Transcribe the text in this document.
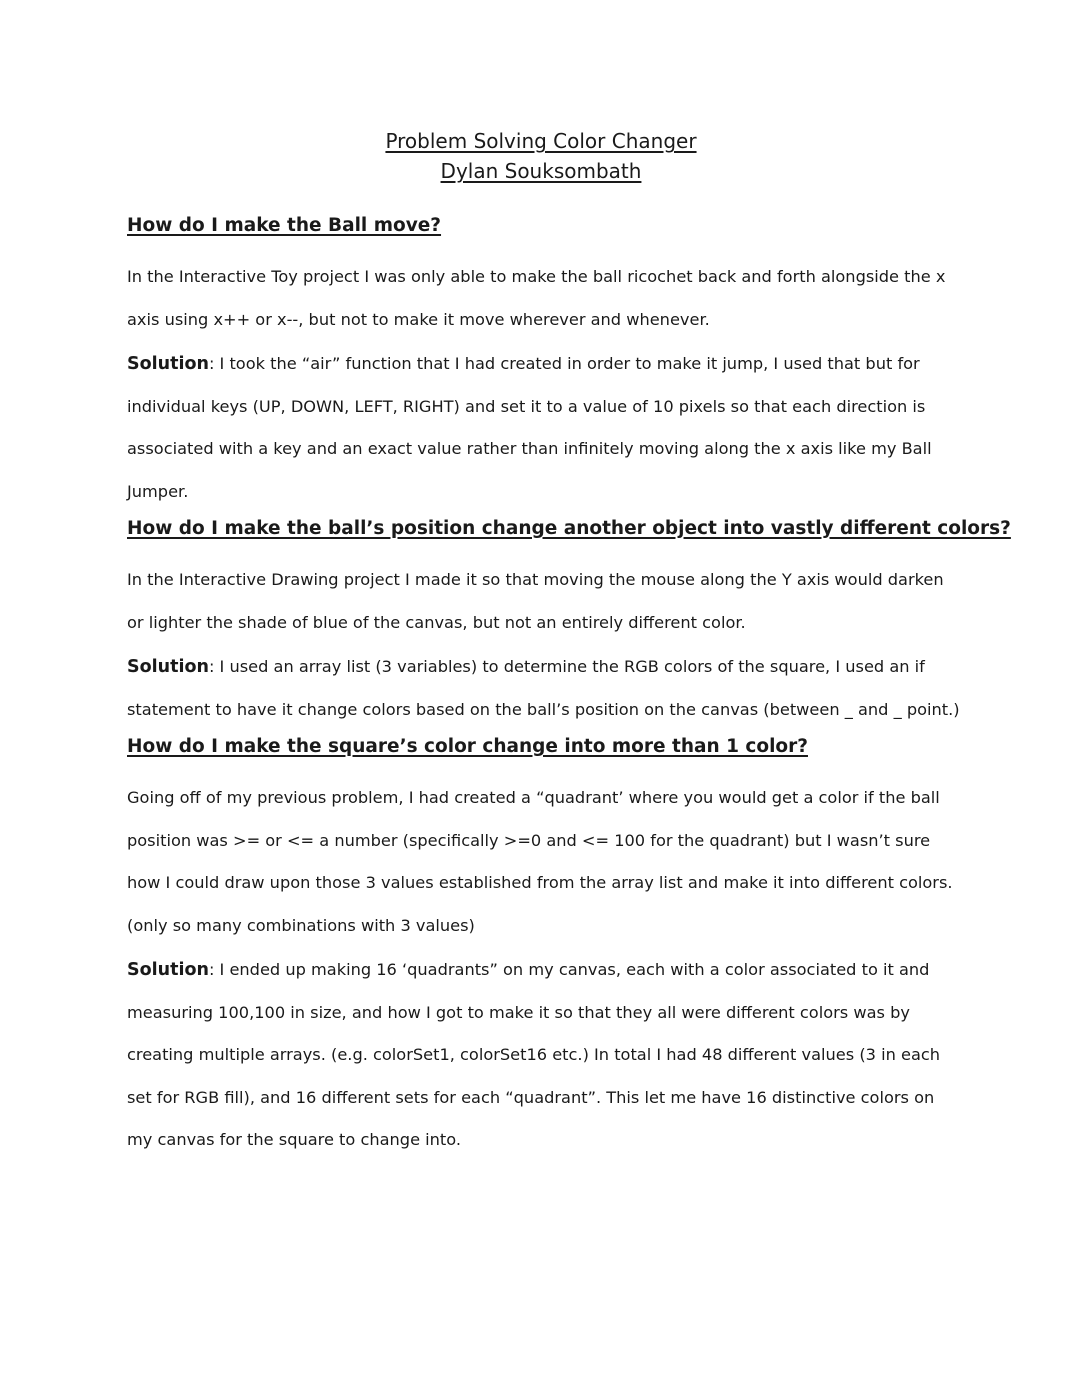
Problem Solving Color Changer
Dylan Souksombath
How do I make the Ball move?

In the Interactive Toy project I was only able to make the ball ricochet back and forth alongside the x axis using x++ or x--, but not to make it move wherever and whenever.

Solution: I took the “air” function that I had created in order to make it jump, I used that but for individual keys (UP, DOWN, LEFT, RIGHT) and set it to a value of 10 pixels so that each direction is associated with a key and an exact value rather than infinitely moving along the x axis like my Ball Jumper.

How do I make the ball’s position change another object into vastly different colors?

In the Interactive Drawing project I made it so that moving the mouse along the Y axis would darken or lighter the shade of blue of the canvas, but not an entirely different color.

Solution: I used an array list (3 variables) to determine the RGB colors of the square, I used an if statement to have it change colors based on the ball’s position on the canvas (between _ and _ point.)

How do I make the square’s color change into more than 1 color?

Going off of my previous problem, I had created a “quadrant’ where you would get a color if the ball position was >= or <= a number (specifically >=0 and <= 100 for the quadrant) but I wasn’t sure how I could draw upon those 3 values established from the array list and make it into different colors. (only so many combinations with 3 values)

Solution: I ended up making 16 ‘quadrants” on my canvas, each with a color associated to it and measuring 100,100 in size, and how I got to make it so that they all were different colors was by creating multiple arrays. (e.g. colorSet1, colorSet16 etc.) In total I had 48 different values (3 in each set for RGB fill), and 16 different sets for each “quadrant”. This let me have 16 distinctive colors on my canvas for the square to change into.
